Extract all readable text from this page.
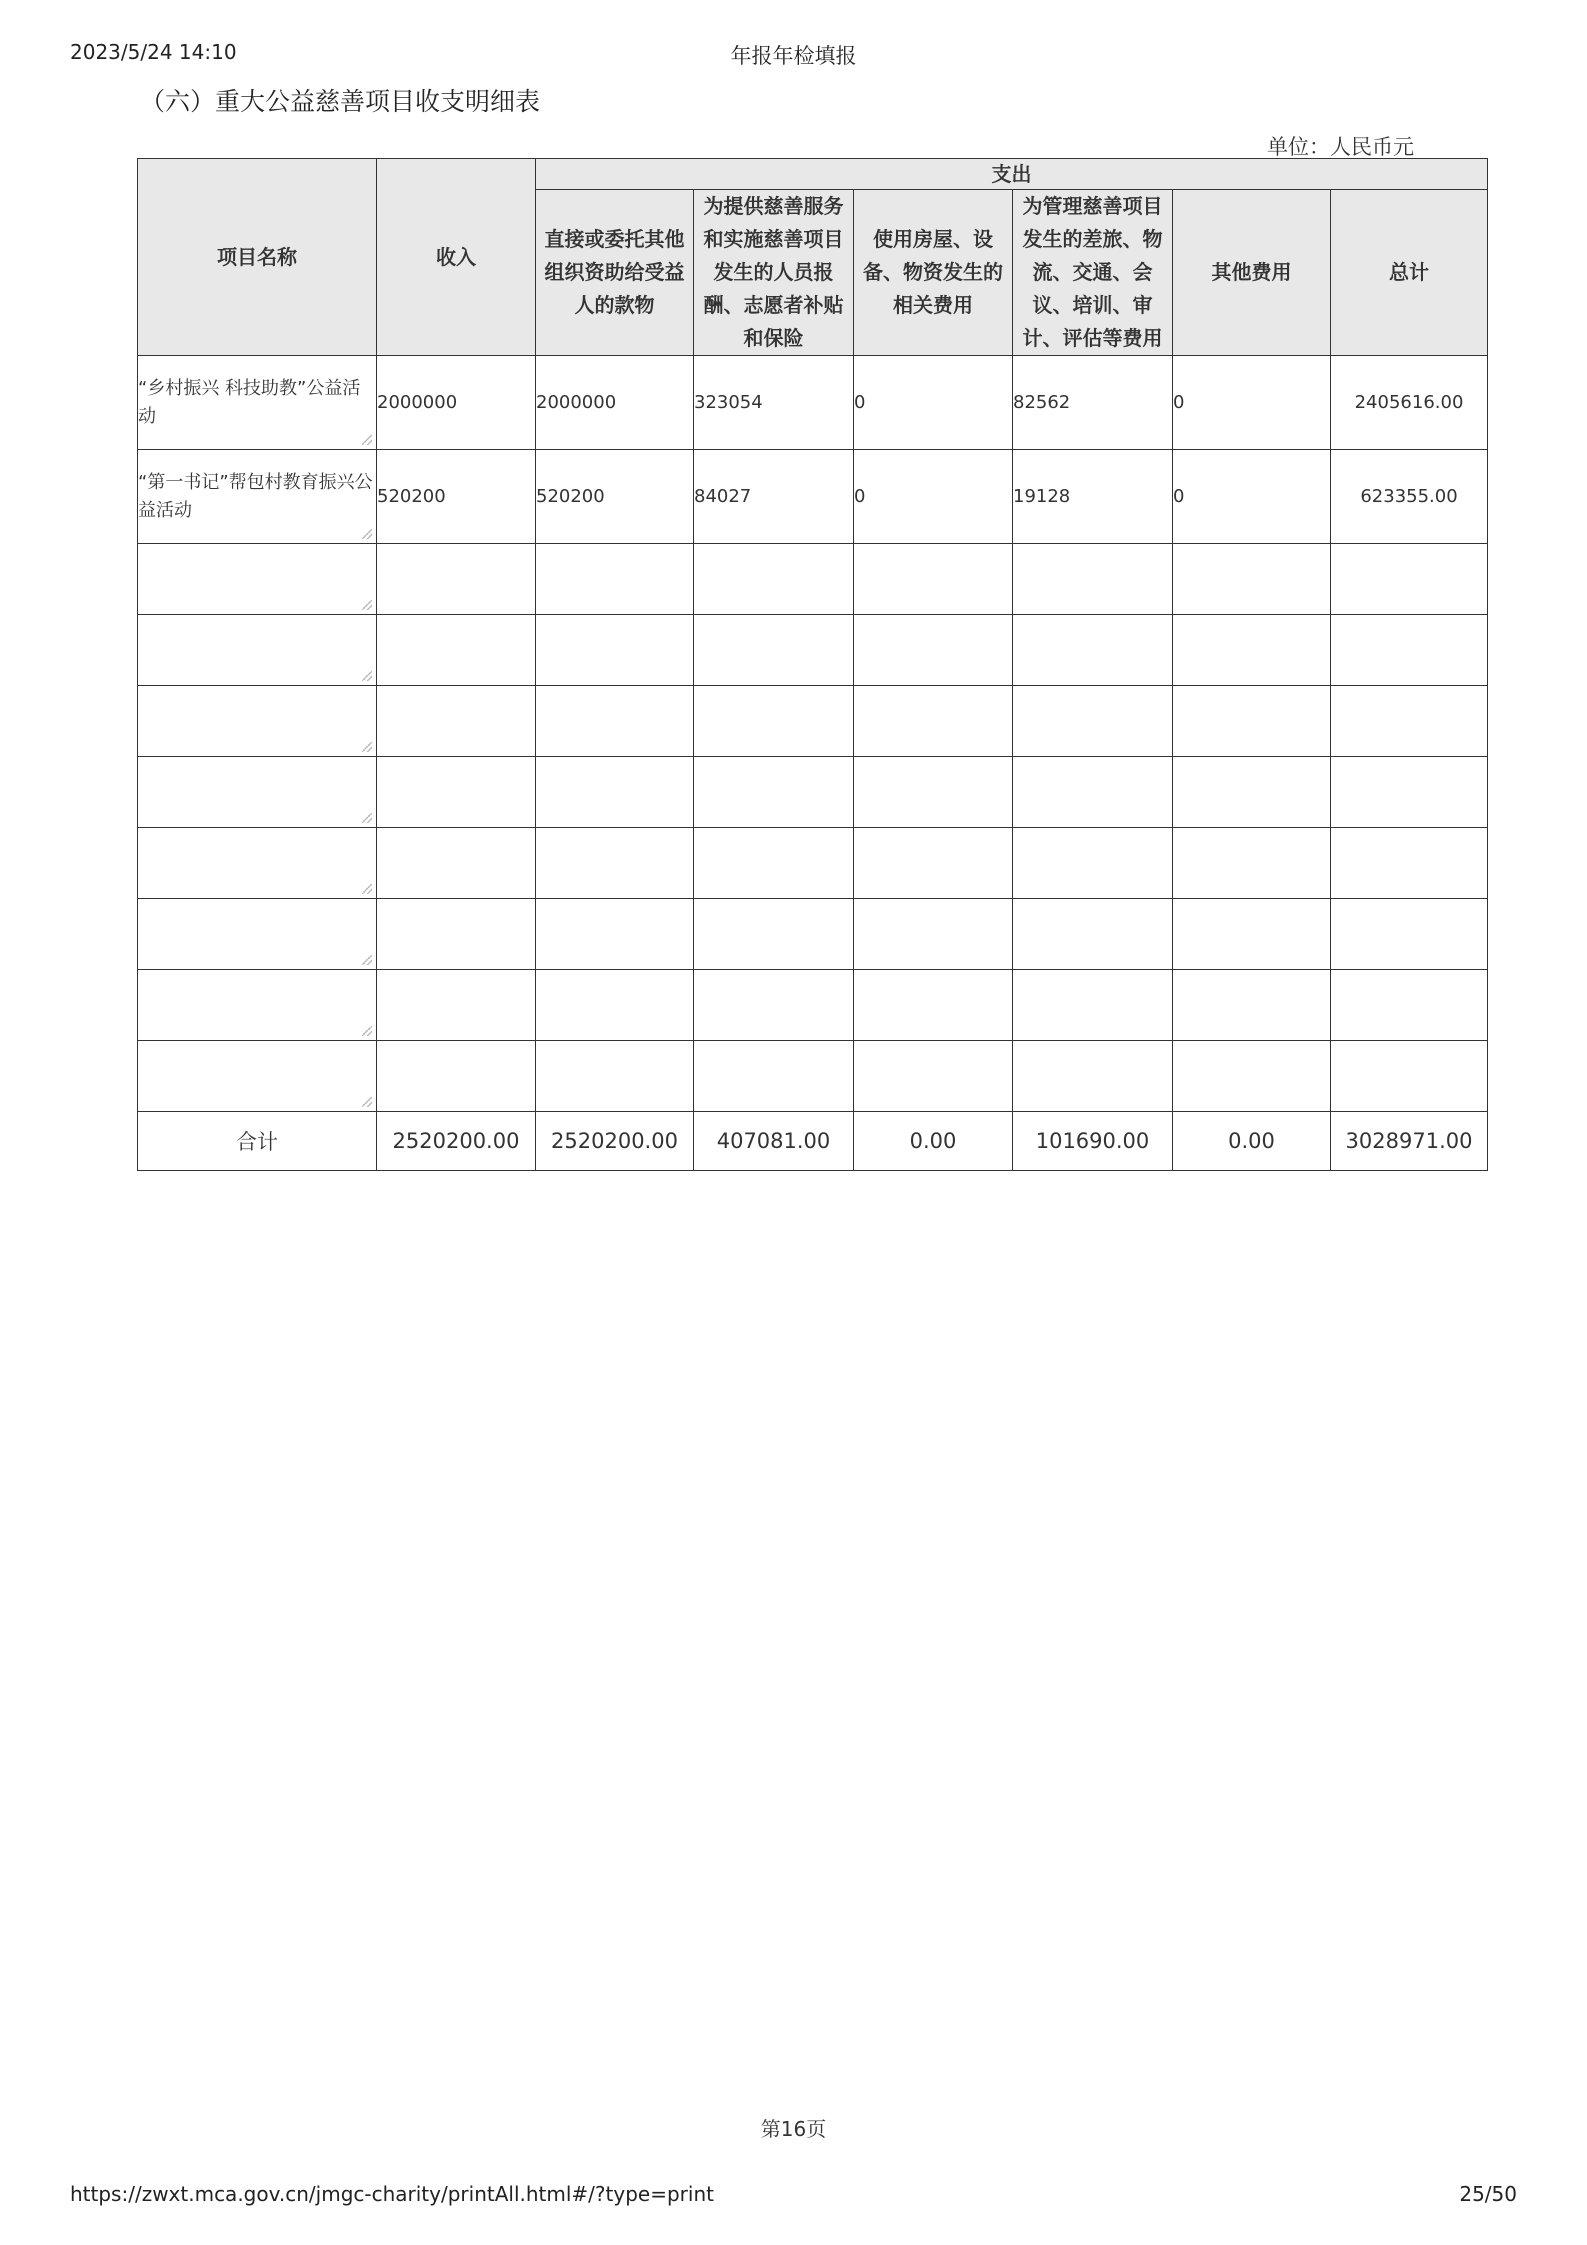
2023/5/24 14:10	年报年检填报
（六）重大公益慈善项目收支明细表
单位：人民币元
项目名称	收入	支出					
		直接或委托其他组织资助给受益人的款物	为提供慈善服务和实施慈善项目发生的人员报酬、志愿者补贴和保险	使用房屋、设备、物资发生的相关费用	为管理慈善项目发生的差旅、物流、交通、会议、培训、审计、评估等费用	其他费用	总计

“乡村振兴 科技助教”公益活动	2000000	2000000	323054	0	82562	0	2405616.00

“第一书记”帮包村教育振兴公益活动	520200	520200	84027	0	19128	0	623355.00

合计	2520200.00	2520200.00	407081.00	0.00	101690.00	0.00	3028971.00
第16页
https://zwxt.mca.gov.cn/jmgc-charity/printAll.html#/?type=print	25/50
